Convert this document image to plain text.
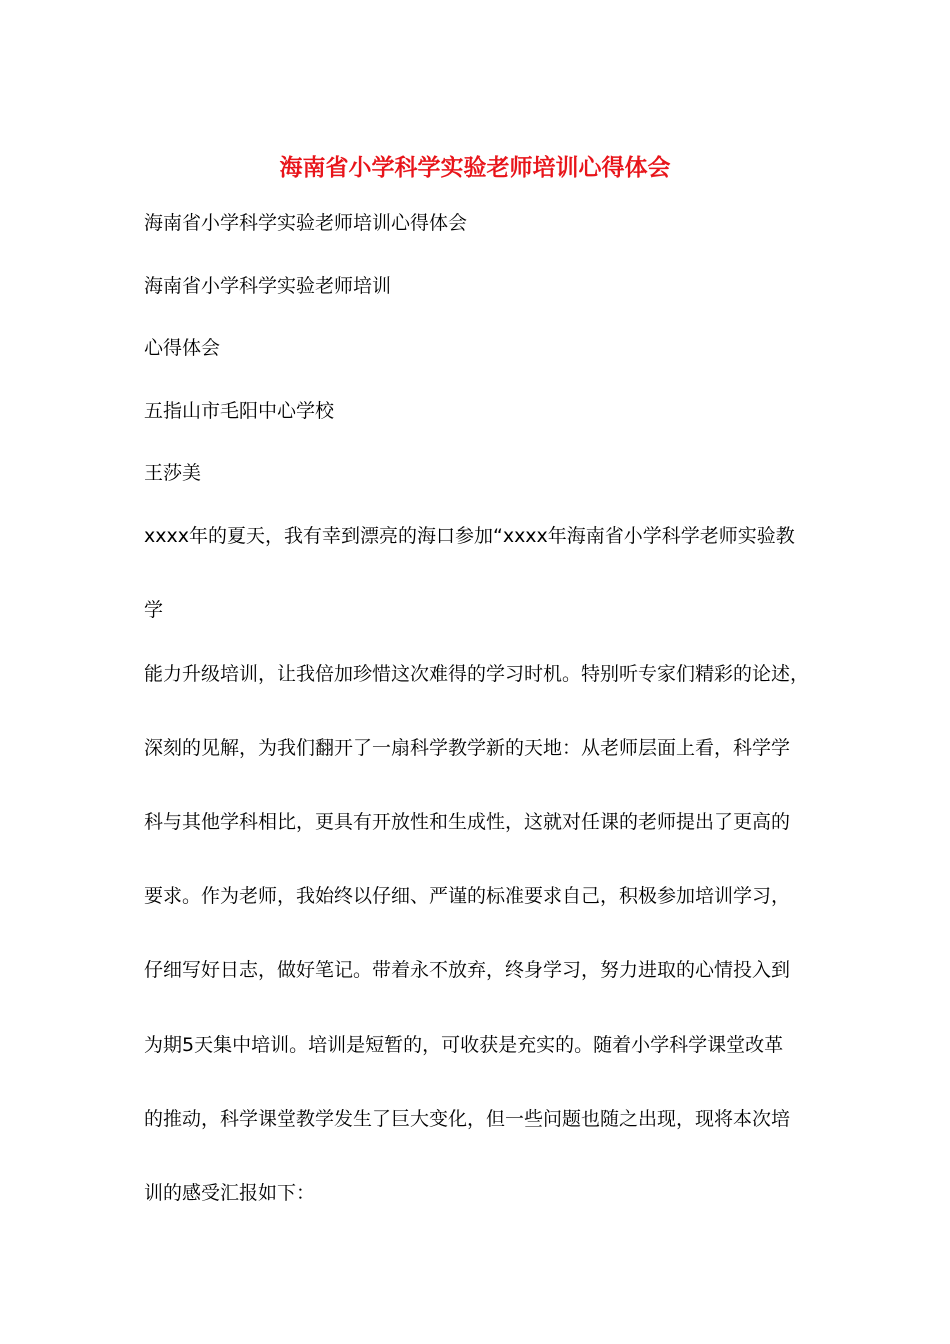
海南省小学科学实验老师培训心得体会
海南省小学科学实验老师培训心得体会
海南省小学科学实验老师培训
心得体会
五指山市毛阳中心学校
王莎美
xxxx年的夏天，我有幸到漂亮的海口参加“xxxx年海南省小学科学老师实验教
学
能力升级培训，让我倍加珍惜这次难得的学习时机。特别听专家们精彩的论述，
深刻的见解，为我们翻开了一扇科学教学新的天地：从老师层面上看，科学学
科与其他学科相比，更具有开放性和生成性，这就对任课的老师提出了更高的
要求。作为老师，我始终以仔细、严谨的标准要求自己，积极参加培训学习，
仔细写好日志，做好笔记。带着永不放弃，终身学习，努力进取的心情投入到
为期5天集中培训。培训是短暂的，可收获是充实的。随着小学科学课堂改革
的推动，科学课堂教学发生了巨大变化，但一些问题也随之出现，现将本次培
训的感受汇报如下：
